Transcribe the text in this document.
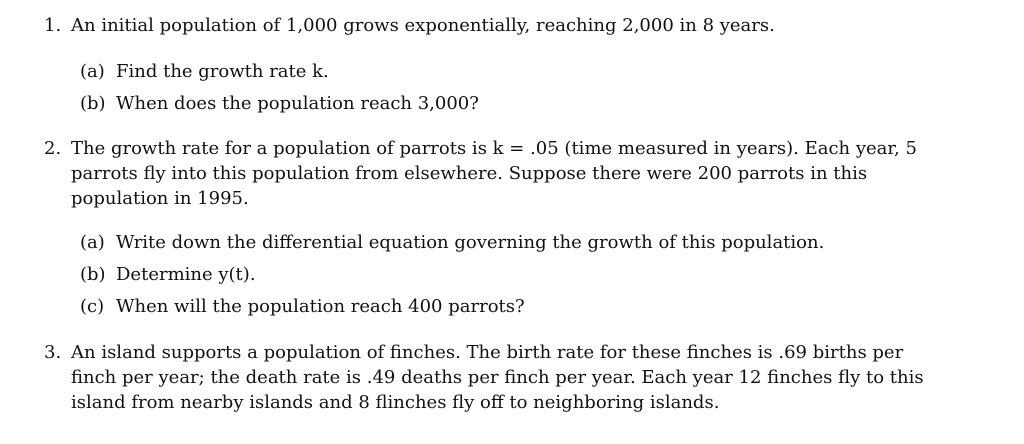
1. An initial population of 1,000 grows exponentially, reaching 2,000 in 8 years.
(a) Find the growth rate k.
(b) When does the population reach 3,000?
2. The growth rate for a population of parrots is k = .05 (time measured in years). Each year, 5 parrots fly into this population from elsewhere. Suppose there were 200 parrots in this population in 1995.
(a) Write down the differential equation governing the growth of this population.
(b) Determine y(t).
(c) When will the population reach 400 parrots?
3. An island supports a population of finches. The birth rate for these finches is .69 births per finch per year; the death rate is .49 deaths per finch per year. Each year 12 finches fly to this island from nearby islands and 8 flinches fly off to neighboring islands.
